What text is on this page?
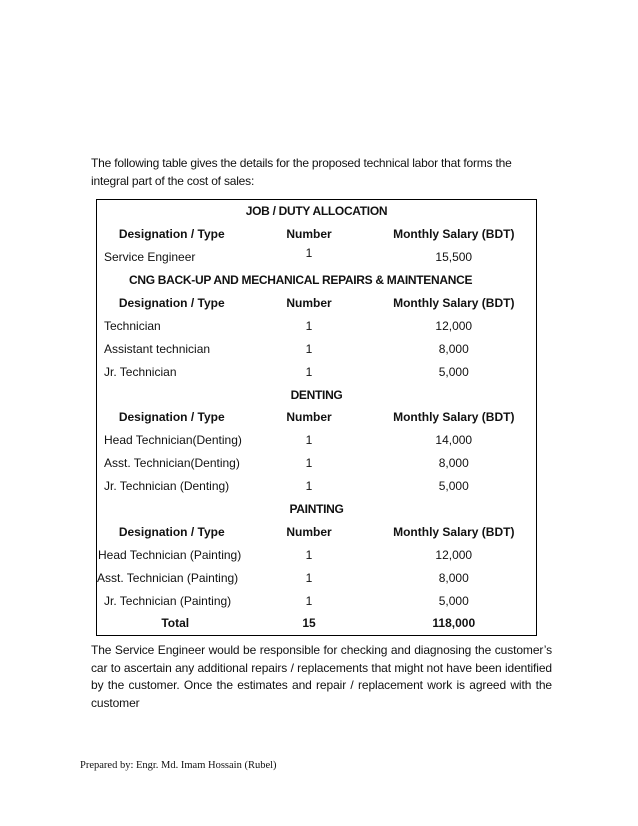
The following table gives the details for the proposed technical labor that forms the integral part of the cost of sales:

JOB / DUTY ALLOCATION		
Designation / Type	Number	Monthly Salary (BDT)
Service Engineer	1	15,500
CNG BACK-UP AND MECHANICAL REPAIRS & MAINTENANCE		
Designation / Type	Number	Monthly Salary (BDT)
Technician	1	12,000
Assistant technician	1	8,000
Jr. Technician	1	5,000
DENTING		
Designation / Type	Number	Monthly Salary (BDT)
Head Technician(Denting)	1	14,000
Asst. Technician(Denting)	1	8,000
Jr. Technician (Denting)	1	5,000
PAINTING		
Designation / Type	Number	Monthly Salary (BDT)
Head Technician (Painting)	1	12,000
Asst. Technician (Painting)	1	8,000
Jr. Technician (Painting)	1	5,000
Total	15	118,000

The Service Engineer would be responsible for checking and diagnosing the customer’s car to ascertain any additional repairs / replacements that might not have been identified by the customer. Once the estimates and repair / replacement work is agreed with the customer

Prepared by: Engr. Md. Imam Hossain (Rubel)
